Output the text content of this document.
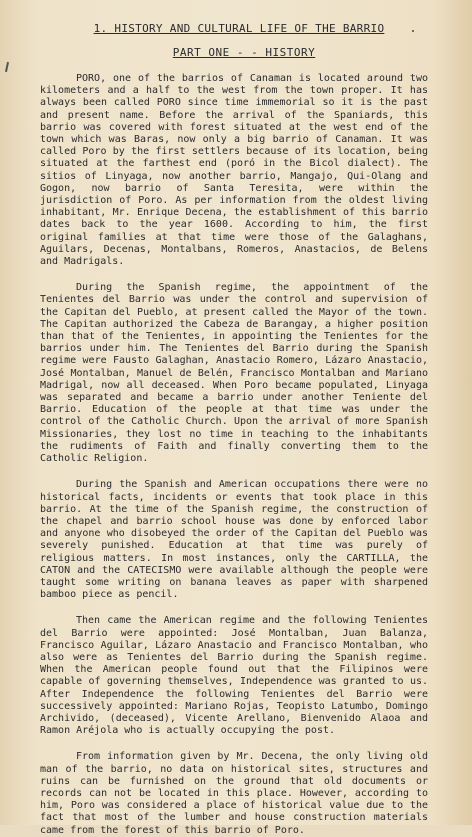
1. HISTORY AND CULTURAL LIFE OF THE BARRIO
PART ONE - - HISTORY

PORO, one of the barrios of Canaman is located around two kilometers and a half to the west from the town proper. It has always been called PORO since time immemorial so it is the past and present name. Before the arrival of the Spaniards, this barrio was covered with forest situated at the west end of the town which was Baras, now only a big barrio of Canaman. It was called Poro by the first settlers because of its location, being situated at the farthest end (poró in the Bicol dialect). The sitios of Linyaga, now another barrio, Mangajo, Qui-Olang and Gogon, now barrio of Santa Teresita, were within the jurisdiction of Poro. As per information from the oldest living inhabitant, Mr. Enrique Decena, the establishment of this barrio dates back to the year 1600. According to him, the first original families at that time were those of the Galaghans, Aguilars, Decenas, Montalbans, Romeros, Anastacios, de Belens and Madrigals.

During the Spanish regime, the appointment of the Tenientes del Barrio was under the control and supervision of the Capitan del Pueblo, at present called the Mayor of the town. The Capitan authorized the Cabeza de Barangay, a higher position than that of the Tenientes, in appointing the Tenientes for the barrios under him. The Tenientes del Barrio during the Spanish regime were Fausto Galaghan, Anastacio Romero, Lázaro Anastacio, José Montalban, Manuel de Belén, Francisco Montalban and Mariano Madrigal, now all deceased. When Poro became populated, Linyaga was separated and became a barrio under another Teniente del Barrio. Education of the people at that time was under the control of the Catholic Church. Upon the arrival of more Spanish Missionaries, they lost no time in teaching to the inhabitants the rudiments of Faith and finally converting them to the Catholic Religion.

During the Spanish and American occupations there were no historical facts, incidents or events that took place in this barrio. At the time of the Spanish regime, the construction of the chapel and barrio school house was done by enforced labor and anyone who disobeyed the order of the Capitan del Pueblo was severely punished. Education at that time was purely of religious matters. In most instances, only the CARTILLA, the CATON and the CATECISMO were available although the people were taught some writing on banana leaves as paper with sharpened bamboo piece as pencil.

Then came the American regime and the following Tenientes del Barrio were appointed: José Montalban, Juan Balanza, Francisco Aguilar, Lázaro Anastacio and Francisco Montalban, who also were as Tenientes del Barrio during the Spanish regime. When the American people found out that the Filipinos were capable of governing themselves, Independence was granted to us. After Independence the following Tenientes del Barrio were successively appointed: Mariano Rojas, Teopisto Latumbo, Domingo Archivido, (deceased), Vicente Arellano, Bienvenido Alaoa and Ramon Aréjola who is actually occupying the post.

From information given by Mr. Decena, the only living old man of the barrio, no data on historical sites, structures and ruins can be furnished on the ground that old documents or records can not be located in this place. However, according to him, Poro was considered a place of historical value due to the fact that most of the lumber and house construction materials came from the forest of this barrio of Poro.
